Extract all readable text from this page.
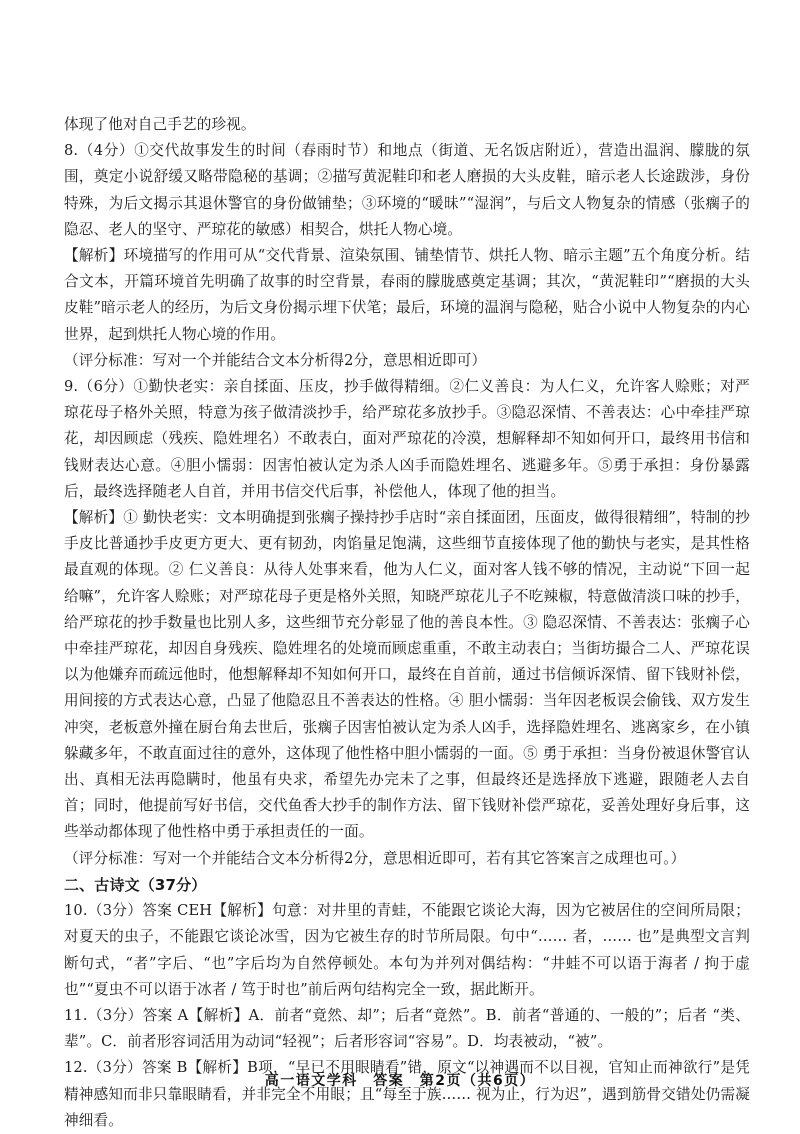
体现了他对自己手艺的珍视。

8.（4分）①交代故事发生的时间（春雨时节）和地点（街道、无名饭店附近），营造出温润、朦胧的氛围，奠定小说舒缓又略带隐秘的基调；②描写黄泥鞋印和老人磨损的大头皮鞋，暗示老人长途跋涉，身份特殊，为后文揭示其退休警官的身份做铺垫；③环境的“暖昧”“湿润”，与后文人物复杂的情感（张瘸子的隐忍、老人的坚守、严琼花的敏感）相契合，烘托人物心境。

【解析】环境描写的作用可从“交代背景、渲染氛围、铺垫情节、烘托人物、暗示主题”五个角度分析。结合文本，开篇环境首先明确了故事的时空背景，春雨的朦胧感奠定基调；其次，“黄泥鞋印”“磨损的大头皮鞋”暗示老人的经历，为后文身份揭示埋下伏笔；最后，环境的温润与隐秘，贴合小说中人物复杂的内心世界，起到烘托人物心境的作用。

（评分标准：写对一个并能结合文本分析得2分，意思相近即可）

9.（6分）①勤快老实：亲自揉面、压皮，抄手做得精细。②仁义善良：为人仁义，允许客人赊账；对严琼花母子格外关照，特意为孩子做清淡抄手，给严琼花多放抄手。③隐忍深情、不善表达：心中牵挂严琼花，却因顾虑（残疾、隐姓埋名）不敢表白，面对严琼花的冷漠，想解释却不知如何开口，最终用书信和钱财表达心意。④胆小懦弱：因害怕被认定为杀人凶手而隐姓埋名、逃避多年。⑤勇于承担：身份暴露后，最终选择随老人自首，并用书信交代后事，补偿他人，体现了他的担当。

【解析】① 勤快老实：文本明确提到张瘸子操持抄手店时“亲自揉面团，压面皮，做得很精细”，特制的抄手皮比普通抄手皮更方更大、更有韧劲，肉馅量足饱满，这些细节直接体现了他的勤快与老实，是其性格最直观的体现。② 仁义善良：从待人处事来看，他为人仁义，面对客人钱不够的情况，主动说“下回一起给嘛”，允许客人赊账；对严琼花母子更是格外关照，知晓严琼花儿子不吃辣椒，特意做清淡口味的抄手，给严琼花的抄手数量也比别人多，这些细节充分彰显了他的善良本性。③ 隐忍深情、不善表达：张瘸子心中牵挂严琼花，却因自身残疾、隐姓埋名的处境而顾虑重重，不敢主动表白；当街坊撮合二人、严琼花误以为他嫌弃而疏远他时，他想解释却不知如何开口，最终在自首前，通过书信倾诉深情、留下钱财补偿，用间接的方式表达心意，凸显了他隐忍且不善表达的性格。④ 胆小懦弱：当年因老板误会偷钱、双方发生冲突，老板意外撞在厨台角去世后，张瘸子因害怕被认定为杀人凶手，选择隐姓埋名、逃离家乡，在小镇躲藏多年，不敢直面过往的意外，这体现了他性格中胆小懦弱的一面。⑤ 勇于承担：当身份被退休警官认出、真相无法再隐瞒时，他虽有央求，希望先办完未了之事，但最终还是选择放下逃避，跟随老人去自首；同时，他提前写好书信，交代鱼香大抄手的制作方法、留下钱财补偿严琼花，妥善处理好身后事，这些举动都体现了他性格中勇于承担责任的一面。

（评分标准：写对一个并能结合文本分析得2分，意思相近即可，若有其它答案言之成理也可。）

二、古诗文（37分）

10.（3分）答案 CEH【解析】句意：对井里的青蛙，不能跟它谈论大海，因为它被居住的空间所局限；对夏天的虫子，不能跟它谈论冰雪，因为它被生存的时节所局限。句中“…… 者，…… 也”是典型文言判断句式，“者”字后、“也”字后均为自然停顿处。本句为并列对偶结构：“井蛙不可以语于海者 / 拘于虚也”“夏虫不可以语于冰者 / 笃于时也”前后两句结构完全一致，据此断开。

11.（3分）答案 A【解析】A．前者“竟然、却”；后者“竟然”。B．前者“普通的、一般的”；后者 “类、辈”。C．前者形容词活用为动词“轻视”；后者形容词“容易”。D．均表被动，“被”。

12.（3分）答案 B【解析】B项，“早已不用眼睛看”错，原文“以神遇而不以目视，官知止而神欲行”是凭精神感知而非只靠眼睛看，并非完全不用眼；且“每至于族…… 视为止，行为迟”，遇到筋骨交错处仍需凝神细看。

高一语文学科　答案　第2页（共6页）
